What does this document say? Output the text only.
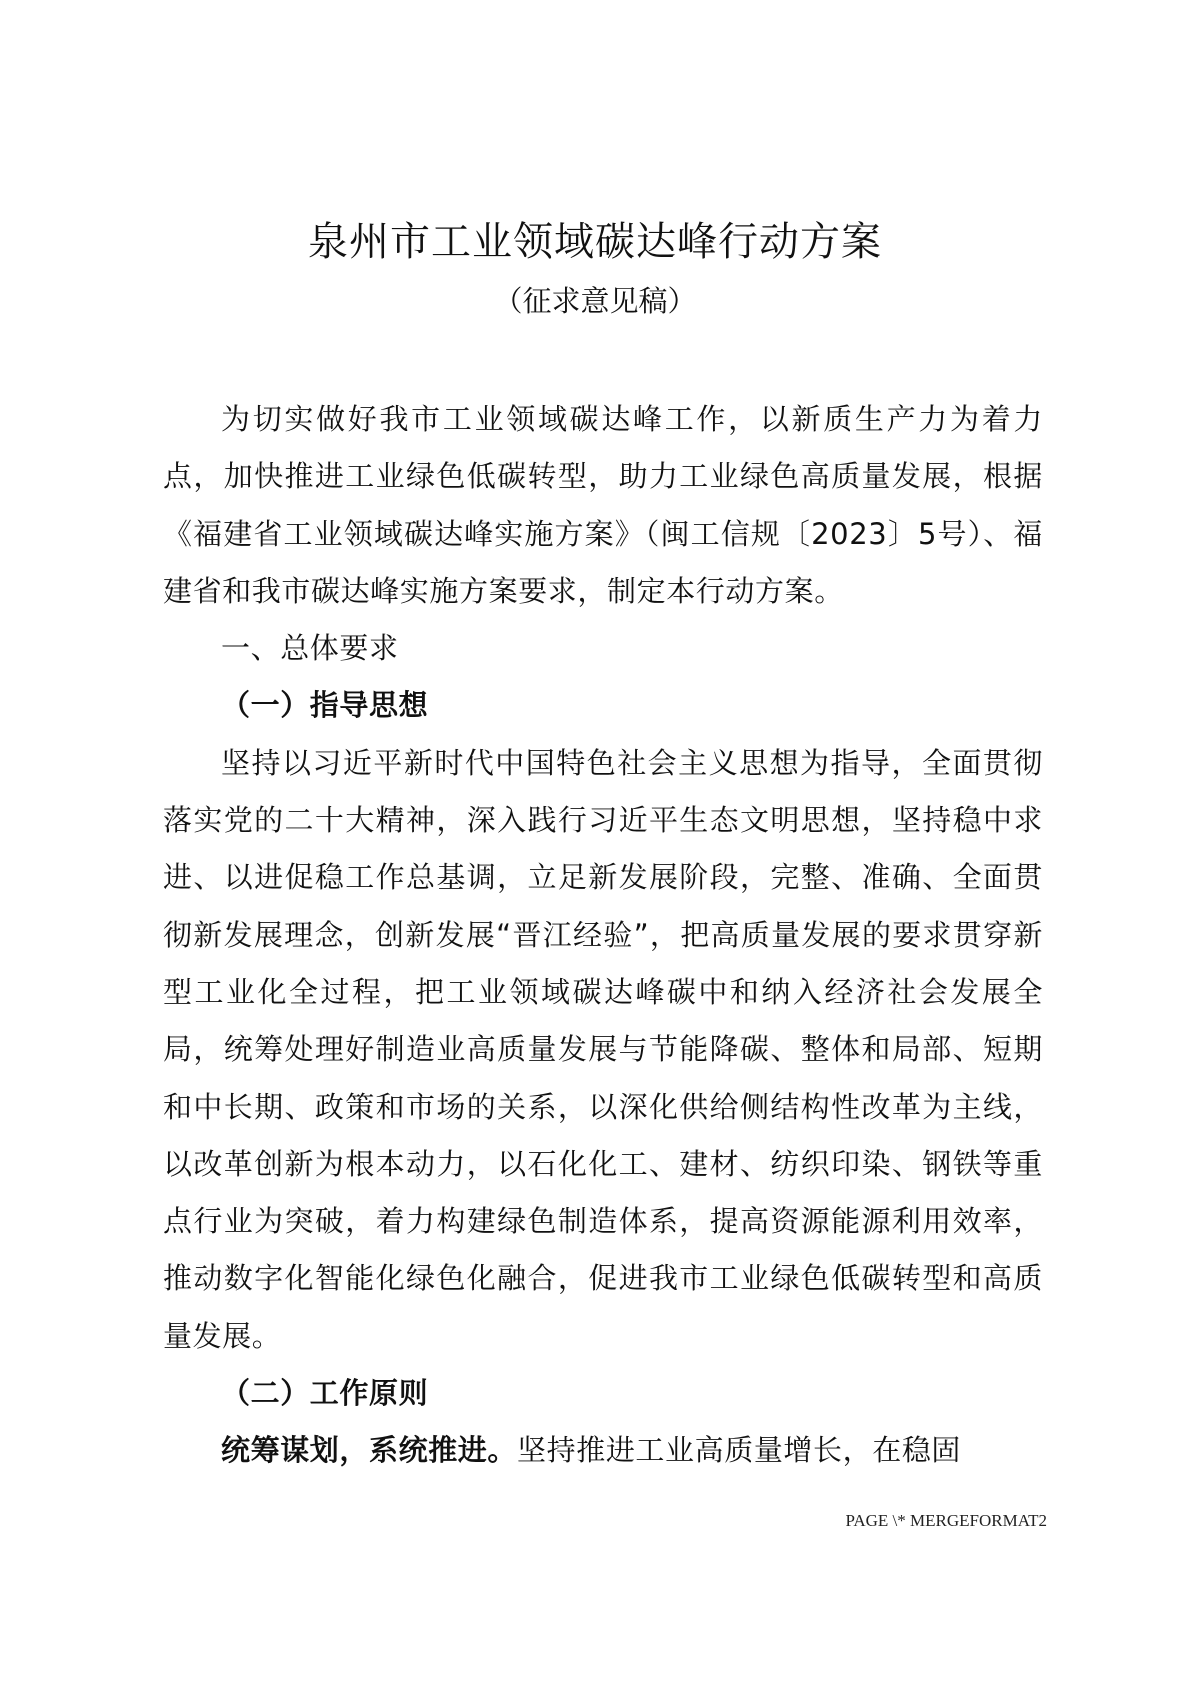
泉州市工业领域碳达峰行动方案
（征求意见稿）

为切实做好我市工业领域碳达峰工作，以新质生产力为着力点，加快推进工业绿色低碳转型，助力工业绿色高质量发展，根据《福建省工业领域碳达峰实施方案》（闽工信规〔2023〕5号）、福建省和我市碳达峰实施方案要求，制定本行动方案。

一、总体要求

（一）指导思想

坚持以习近平新时代中国特色社会主义思想为指导，全面贯彻落实党的二十大精神，深入践行习近平生态文明思想，坚持稳中求进、以进促稳工作总基调，立足新发展阶段，完整、准确、全面贯彻新发展理念，创新发展“晋江经验”，把高质量发展的要求贯穿新型工业化全过程，把工业领域碳达峰碳中和纳入经济社会发展全局，统筹处理好制造业高质量发展与节能降碳、整体和局部、短期和中长期、政策和市场的关系，以深化供给侧结构性改革为主线，以改革创新为根本动力，以石化化工、建材、纺织印染、钢铁等重点行业为突破，着力构建绿色制造体系，提高资源能源利用效率，推动数字化智能化绿色化融合，促进我市工业绿色低碳转型和高质量发展。

（二）工作原则

统筹谋划，系统推进。坚持推进工业高质量增长，在稳固

PAGE \* MERGEFORMAT2
